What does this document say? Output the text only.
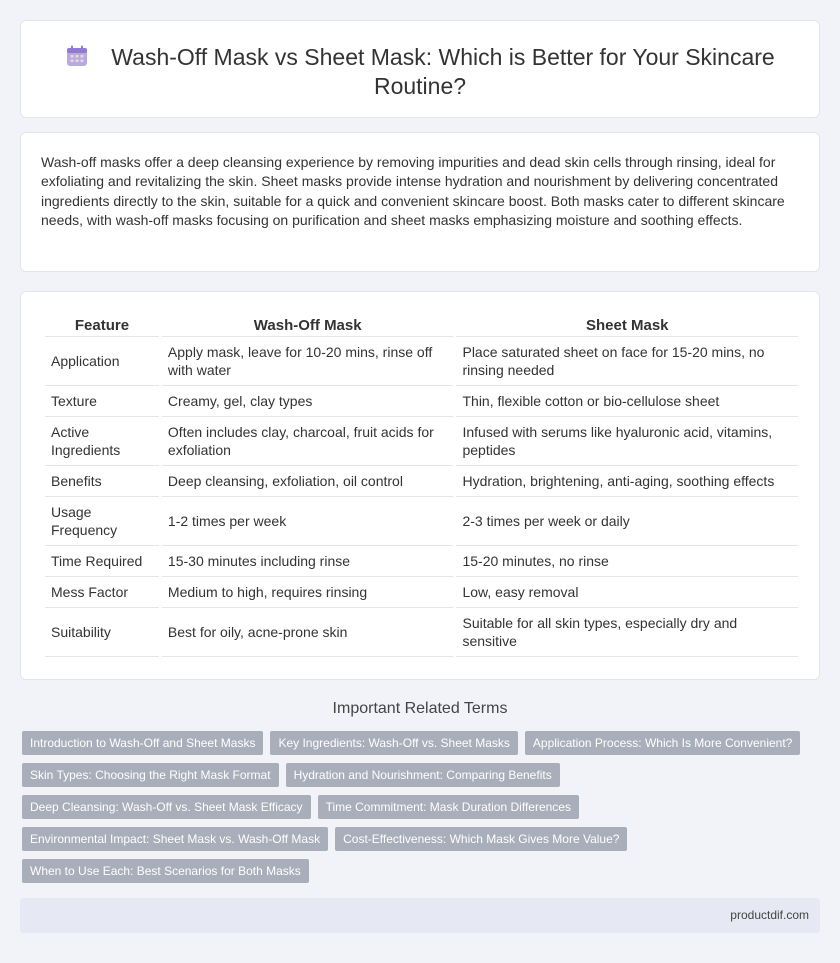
Wash-Off Mask vs Sheet Mask: Which is Better for Your Skincare Routine?

Wash-off masks offer a deep cleansing experience by removing impurities and dead skin cells through rinsing, ideal for exfoliating and revitalizing the skin. Sheet masks provide intense hydration and nourishment by delivering concentrated ingredients directly to the skin, suitable for a quick and convenient skincare boost. Both masks cater to different skincare needs, with wash-off masks focusing on purification and sheet masks emphasizing moisture and soothing effects.

Feature	Wash-Off Mask	Sheet Mask
Application	Apply mask, leave for 10-20 mins, rinse off with water	Place saturated sheet on face for 15-20 mins, no rinsing needed
Texture	Creamy, gel, clay types	Thin, flexible cotton or bio-cellulose sheet
Active Ingredients	Often includes clay, charcoal, fruit acids for exfoliation	Infused with serums like hyaluronic acid, vitamins, peptides
Benefits	Deep cleansing, exfoliation, oil control	Hydration, brightening, anti-aging, soothing effects
Usage Frequency	1-2 times per week	2-3 times per week or daily
Time Required	15-30 minutes including rinse	15-20 minutes, no rinse
Mess Factor	Medium to high, requires rinsing	Low, easy removal
Suitability	Best for oily, acne-prone skin	Suitable for all skin types, especially dry and sensitive
Important Related Terms
Introduction to Wash-Off and Sheet Masks	Key Ingredients: Wash-Off vs. Sheet Masks	Application Process: Which Is More Convenient?
Skin Types: Choosing the Right Mask Format	Hydration and Nourishment: Comparing Benefits
Deep Cleansing: Wash-Off vs. Sheet Mask Efficacy	Time Commitment: Mask Duration Differences
Environmental Impact: Sheet Mask vs. Wash-Off Mask	Cost-Effectiveness: Which Mask Gives More Value?
When to Use Each: Best Scenarios for Both Masks
productdif.com
